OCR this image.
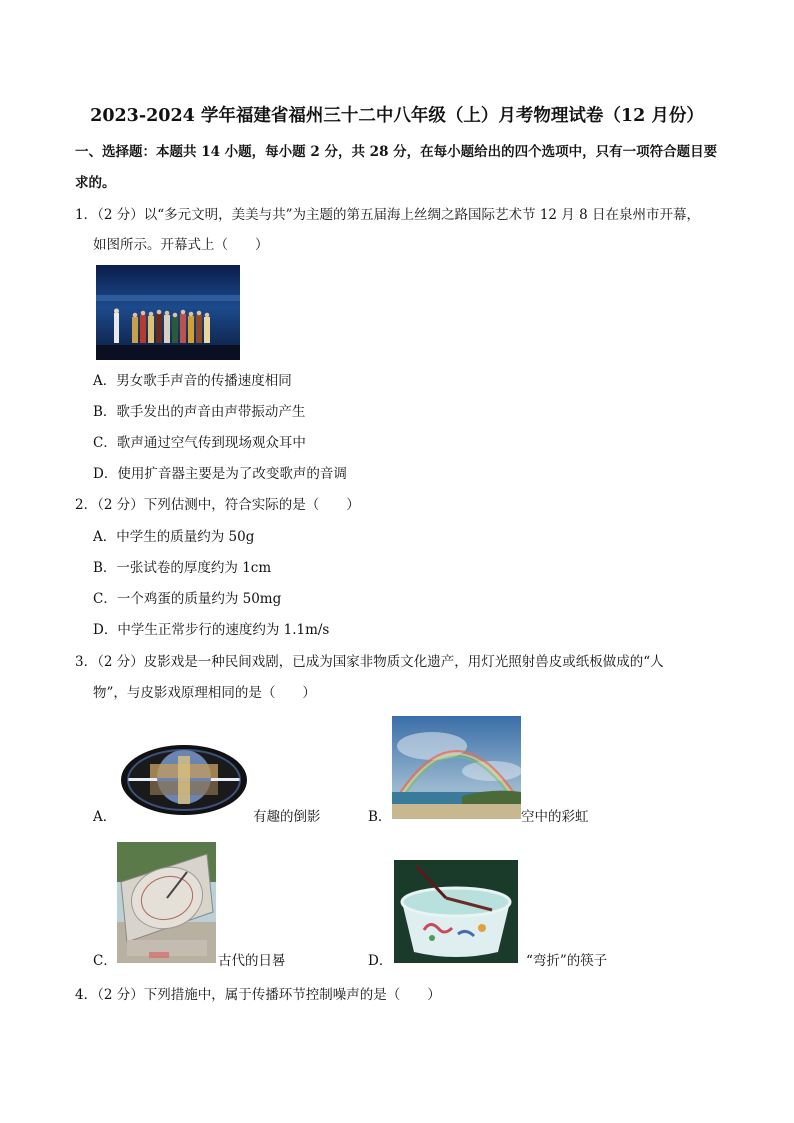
2023-2024 学年福建省福州三十二中八年级（上）月考物理试卷（12 月份）
一、选择题：本题共 14 小题，每小题 2 分，共 28 分，在每小题给出的四个选项中，只有一项符合题目要
求的。
1．（2 分）以“多元文明，美美与共”为主题的第五届海上丝绸之路国际艺术节 12 月 8 日在泉州市开幕，
如图所示。开幕式上（　　）
A．男女歌手声音的传播速度相同
B．歌手发出的声音由声带振动产生
C．歌声通过空气传到现场观众耳中
D．使用扩音器主要是为了改变歌声的音调
2．（2 分）下列估测中，符合实际的是（　　）
A．中学生的质量约为 50g
B．一张试卷的厚度约为 1cm
C．一个鸡蛋的质量约为 50mg
D．中学生正常步行的速度约为 1.1m/s
3．（2 分）皮影戏是一种民间戏剧，已成为国家非物质文化遗产，用灯光照射兽皮或纸板做成的“人
物”，与皮影戏原理相同的是（　　）
A．	有趣的倒影	B．	空中的彩虹
C．	古代的日晷	D．	“弯折”的筷子
4．（2 分）下列措施中，属于传播环节控制噪声的是（　　）
